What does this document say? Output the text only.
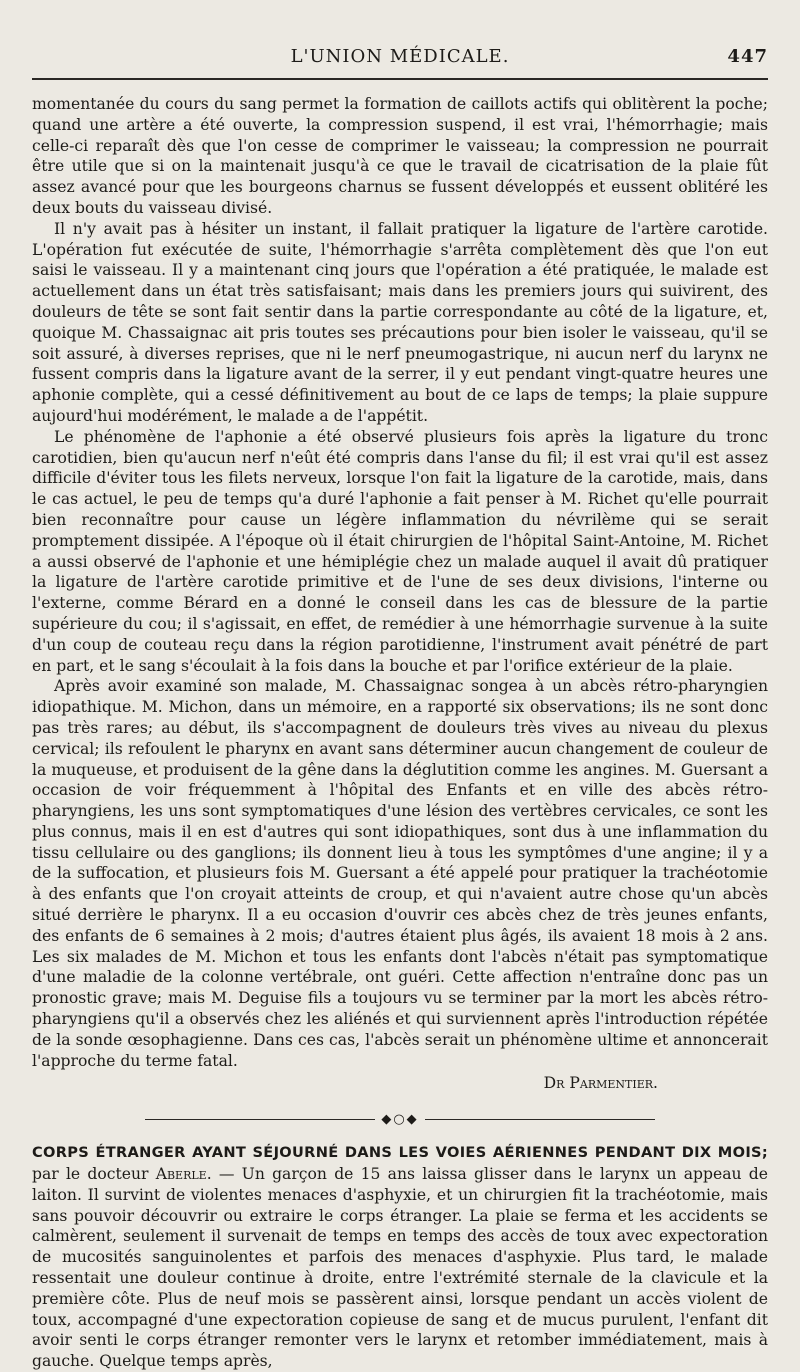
L'UNION MÉDICALE.	447

momentanée du cours du sang permet la formation de caillots actifs qui oblitèrent la poche; quand une artère a été ouverte, la compression suspend, il est vrai, l'hémorrhagie; mais celle-ci reparaît dès que l'on cesse de comprimer le vaisseau; la compression ne pourrait être utile que si on la maintenait jusqu'à ce que le travail de cicatrisation de la plaie fût assez avancé pour que les bourgeons charnus se fussent développés et eussent oblitéré les deux bouts du vaisseau divisé.

Il n'y avait pas à hésiter un instant, il fallait pratiquer la ligature de l'artère carotide. L'opération fut exécutée de suite, l'hémorrhagie s'arrêta complètement dès que l'on eut saisi le vaisseau. Il y a maintenant cinq jours que l'opération a été pratiquée, le malade est actuellement dans un état très satisfaisant; mais dans les premiers jours qui suivirent, des douleurs de tête se sont fait sentir dans la partie correspondante au côté de la ligature, et, quoique M. Chassaignac ait pris toutes ses précautions pour bien isoler le vaisseau, qu'il se soit assuré, à diverses reprises, que ni le nerf pneumogastrique, ni aucun nerf du larynx ne fussent compris dans la ligature avant de la serrer, il y eut pendant vingt-quatre heures une aphonie complète, qui a cessé définitivement au bout de ce laps de temps; la plaie suppure aujourd'hui modérément, le malade a de l'appétit.

Le phénomène de l'aphonie a été observé plusieurs fois après la ligature du tronc carotidien, bien qu'aucun nerf n'eût été compris dans l'anse du fil; il est vrai qu'il est assez difficile d'éviter tous les filets nerveux, lorsque l'on fait la ligature de la carotide, mais, dans le cas actuel, le peu de temps qu'a duré l'aphonie a fait penser à M. Richet qu'elle pourrait bien reconnaître pour cause un légère inflammation du névrilème qui se serait promptement dissipée. A l'époque où il était chirurgien de l'hôpital Saint-Antoine, M. Richet a aussi observé de l'aphonie et une hémiplégie chez un malade auquel il avait dû pratiquer la ligature de l'artère carotide primitive et de l'une de ses deux divisions, l'interne ou l'externe, comme Bérard en a donné le conseil dans les cas de blessure de la partie supérieure du cou; il s'agissait, en effet, de remédier à une hémorrhagie survenue à la suite d'un coup de couteau reçu dans la région parotidienne, l'instrument avait pénétré de part en part, et le sang s'écoulait à la fois dans la bouche et par l'orifice extérieur de la plaie.

Après avoir examiné son malade, M. Chassaignac songea à un abcès rétro-pharyngien idiopathique. M. Michon, dans un mémoire, en a rapporté six observations; ils ne sont donc pas très rares; au début, ils s'accompagnent de douleurs très vives au niveau du plexus cervical; ils refoulent le pharynx en avant sans déterminer aucun changement de couleur de la muqueuse, et produisent de la gêne dans la déglutition comme les angines. M. Guersant a occasion de voir fréquemment à l'hôpital des Enfants et en ville des abcès rétro-pharyngiens, les uns sont symptomatiques d'une lésion des vertèbres cervicales, ce sont les plus connus, mais il en est d'autres qui sont idiopathiques, sont dus à une inflammation du tissu cellulaire ou des ganglions; ils donnent lieu à tous les symptômes d'une angine; il y a de la suffocation, et plusieurs fois M. Guersant a été appelé pour pratiquer la trachéotomie à des enfants que l'on croyait atteints de croup, et qui n'avaient autre chose qu'un abcès situé derrière le pharynx. Il a eu occasion d'ouvrir ces abcès chez de très jeunes enfants, des enfants de 6 semaines à 2 mois; d'autres étaient plus âgés, ils avaient 18 mois à 2 ans. Les six malades de M. Michon et tous les enfants dont l'abcès n'était pas symptomatique d'une maladie de la colonne vertébrale, ont guéri. Cette affection n'entraîne donc pas un pronostic grave; mais M. Deguise fils a toujours vu se terminer par la mort les abcès rétro-pharyngiens qu'il a observés chez les aliénés et qui surviennent après l'introduction répétée de la sonde œsophagienne. Dans ces cas, l'abcès serait un phénomène ultime et annoncerait l'approche du terme fatal.

Dr Parmentier.
◆○◆

CORPS ÉTRANGER AYANT SÉJOURNÉ DANS LES VOIES AÉRIENNES PENDANT DIX MOIS; par le docteur Aberle. — Un garçon de 15 ans laissa glisser dans le larynx un appeau de laiton. Il survint de violentes menaces d'asphyxie, et un chirurgien fit la trachéotomie, mais sans pouvoir découvrir ou extraire le corps étranger. La plaie se ferma et les accidents se calmèrent, seulement il survenait de temps en temps des accès de toux avec expectoration de mucosités sanguinolentes et parfois des menaces d'asphyxie. Plus tard, le malade ressentait une douleur continue à droite, entre l'extrémité sternale de la clavicule et la première côte. Plus de neuf mois se passèrent ainsi, lorsque pendant un accès violent de toux, accompagné d'une expectoration copieuse de sang et de mucus purulent, l'enfant dit avoir senti le corps étranger remonter vers le larynx et retomber immédiatement, mais à gauche. Quelque temps après,
